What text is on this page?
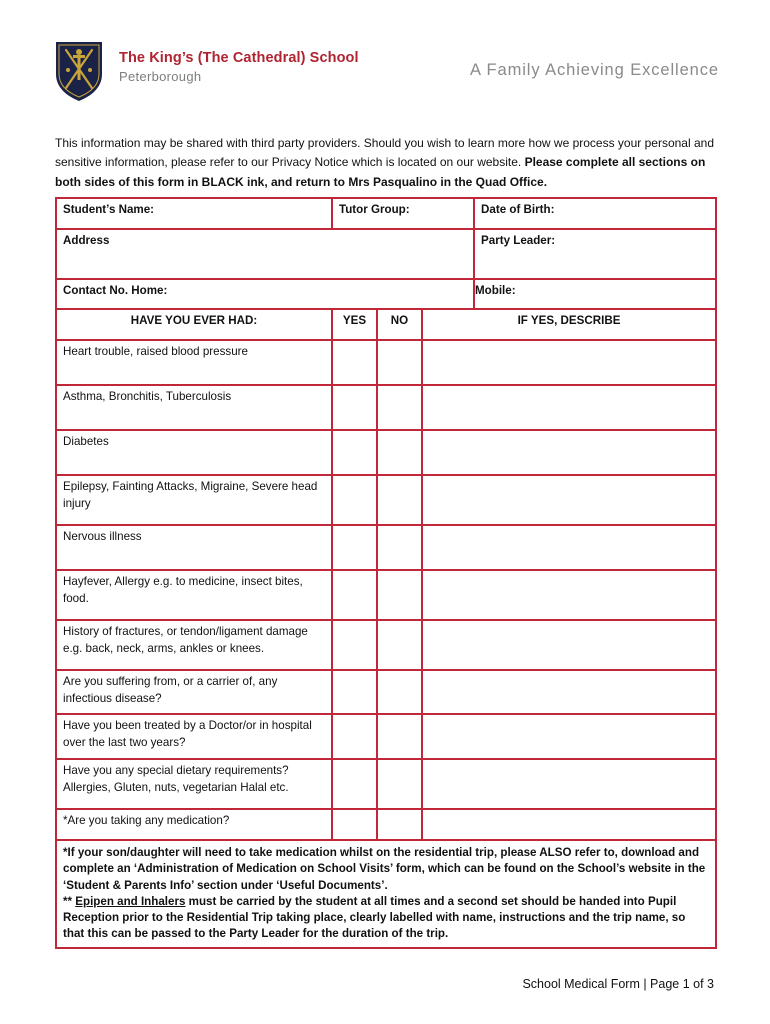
The King’s (The Cathedral) School
Peterborough	A Family Achieving Excellence
This information may be shared with third party providers. Should you wish to learn more how we process your personal and sensitive information, please refer to our Privacy Notice which is located on our website. Please complete all sections on both sides of this form in BLACK ink, and return to Mrs Pasqualino in the Quad Office.
Student’s Name:	Tutor Group:			Date of Birth:
Address				Party Leader:
Contact No. Home:				Mobile:
HAVE YOU EVER HAD:	YES	NO	IF YES, DESCRIBE	
Heart trouble, raised blood pressure				
Asthma, Bronchitis, Tuberculosis				
Diabetes				
Epilepsy, Fainting Attacks, Migraine, Severe head injury				
Nervous illness				
Hayfever, Allergy e.g. to medicine, insect bites, food.				
History of fractures, or tendon/ligament damage e.g. back, neck, arms, ankles or knees.				
Are you suffering from, or a carrier of, any infectious disease?				
Have you been treated by a Doctor/or in hospital over the last two years?				
Have you any special dietary requirements? Allergies, Gluten, nuts, vegetarian Halal etc.				
*Are you taking any medication?				

*If your son/daughter will need to take medication whilst on the residential trip, please ALSO refer to, download and complete an ‘Administration of Medication on School Visits’ form, which can be found on the School’s website in the ‘Student & Parents Info’ section under ‘Useful Documents’.
** Epipen and Inhalers must be carried by the student at all times and a second set should be handed into Pupil Reception prior to the Residential Trip taking place, clearly labelled with name, instructions and the trip name, so that this can be passed to the Party Leader for the duration of the trip.				
School Medical Form | Page 1 of 3
